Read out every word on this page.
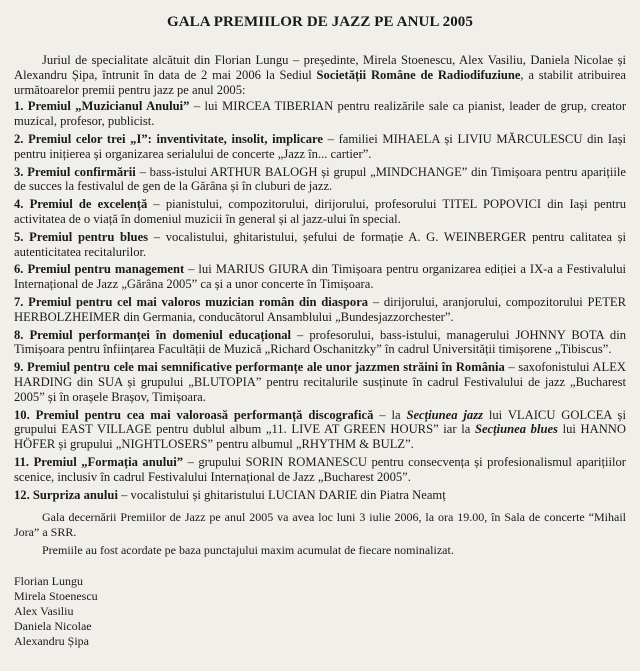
GALA PREMIILOR DE JAZZ PE ANUL 2005

Juriul de specialitate alcătuit din Florian Lungu – președinte, Mirela Stoenescu, Alex Vasiliu, Daniela Nicolae și Alexandru Șipa, întrunit în data de 2 mai 2006 la Sediul Societății Române de Radiodifuziune, a stabilit atribuirea următoarelor premii pentru jazz pe anul 2005:

1. Premiul „Muzicianul Anului” – lui MIRCEA TIBERIAN pentru realizările sale ca pianist, leader de grup, creator muzical, profesor, publicist.

2. Premiul celor trei „I”: inventivitate, insolit, implicare – familiei MIHAELA și LIVIU MĂRCULESCU din Iași pentru inițierea și organizarea serialului de concerte „Jazz în... cartier”.

3. Premiul confirmării – bass-istului ARTHUR BALOGH și grupul „MINDCHANGE” din Timișoara pentru aparițiile de succes la festivalul de gen de la Gărâna și în cluburi de jazz.

4. Premiul de excelență – pianistului, compozitorului, dirijorului, profesorului TITEL POPOVICI din Iași pentru activitatea de o viață în domeniul muzicii în general și al jazz-ului în special.

5. Premiul pentru blues – vocalistului, ghitaristului, șefului de formație A. G. WEINBERGER pentru calitatea și autenticitatea recitalurilor.

6. Premiul pentru management – lui MARIUS GIURA din Timișoara pentru organizarea ediției a IX-a a Festivalului Internațional de Jazz „Gărâna 2005” ca și a unor concerte în Timișoara.

7. Premiul pentru cel mai valoros muzician român din diaspora – dirijorului, aranjorului, compozitorului PETER HERBOLZHEIMER din Germania, conducătorul Ansamblului „Bundesjazzorchester”.

8. Premiul performanței în domeniul educațional – profesorului, bass-istului, managerului JOHNNY BOTA din Timișoara pentru înființarea Facultății de Muzică „Richard Oschanitzky” în cadrul Universității timișorene „Tibiscus”.

9. Premiul pentru cele mai semnificative performanțe ale unor jazzmen străini în România – saxofonistului ALEX HARDING din SUA și grupului „BLUTOPIA” pentru recitalurile susținute în cadrul Festivalului de jazz „Bucharest 2005” și în orașele Brașov, Timișoara.

10. Premiul pentru cea mai valoroasă performanță discografică – la Secțiunea jazz lui VLAICU GOLCEA și grupului EAST VILLAGE pentru dublul album „11. LIVE AT GREEN HOURS” iar la Secțiunea blues lui HANNO HÖFER și grupului „NIGHTLOSERS” pentru albumul „RHYTHM & BULZ”.

11. Premiul „Formația anului” – grupului SORIN ROMANESCU pentru consecvența și profesionalismul aparițiilor scenice, inclusiv în cadrul Festivalului Internațional de Jazz „Bucharest 2005”.

12. Surpriza anului – vocalistului și ghitaristului LUCIAN DARIE din Piatra Neamț

Gala decernării Premiilor de Jazz pe anul 2005 va avea loc luni 3 iulie 2006, la ora 19.00, în Sala de concerte “Mihail Jora” a SRR.

Premiile au fost acordate pe baza punctajului maxim acumulat de fiecare nominalizat.

Florian Lungu
Mirela Stoenescu
Alex Vasiliu
Daniela Nicolae
Alexandru Șipa
